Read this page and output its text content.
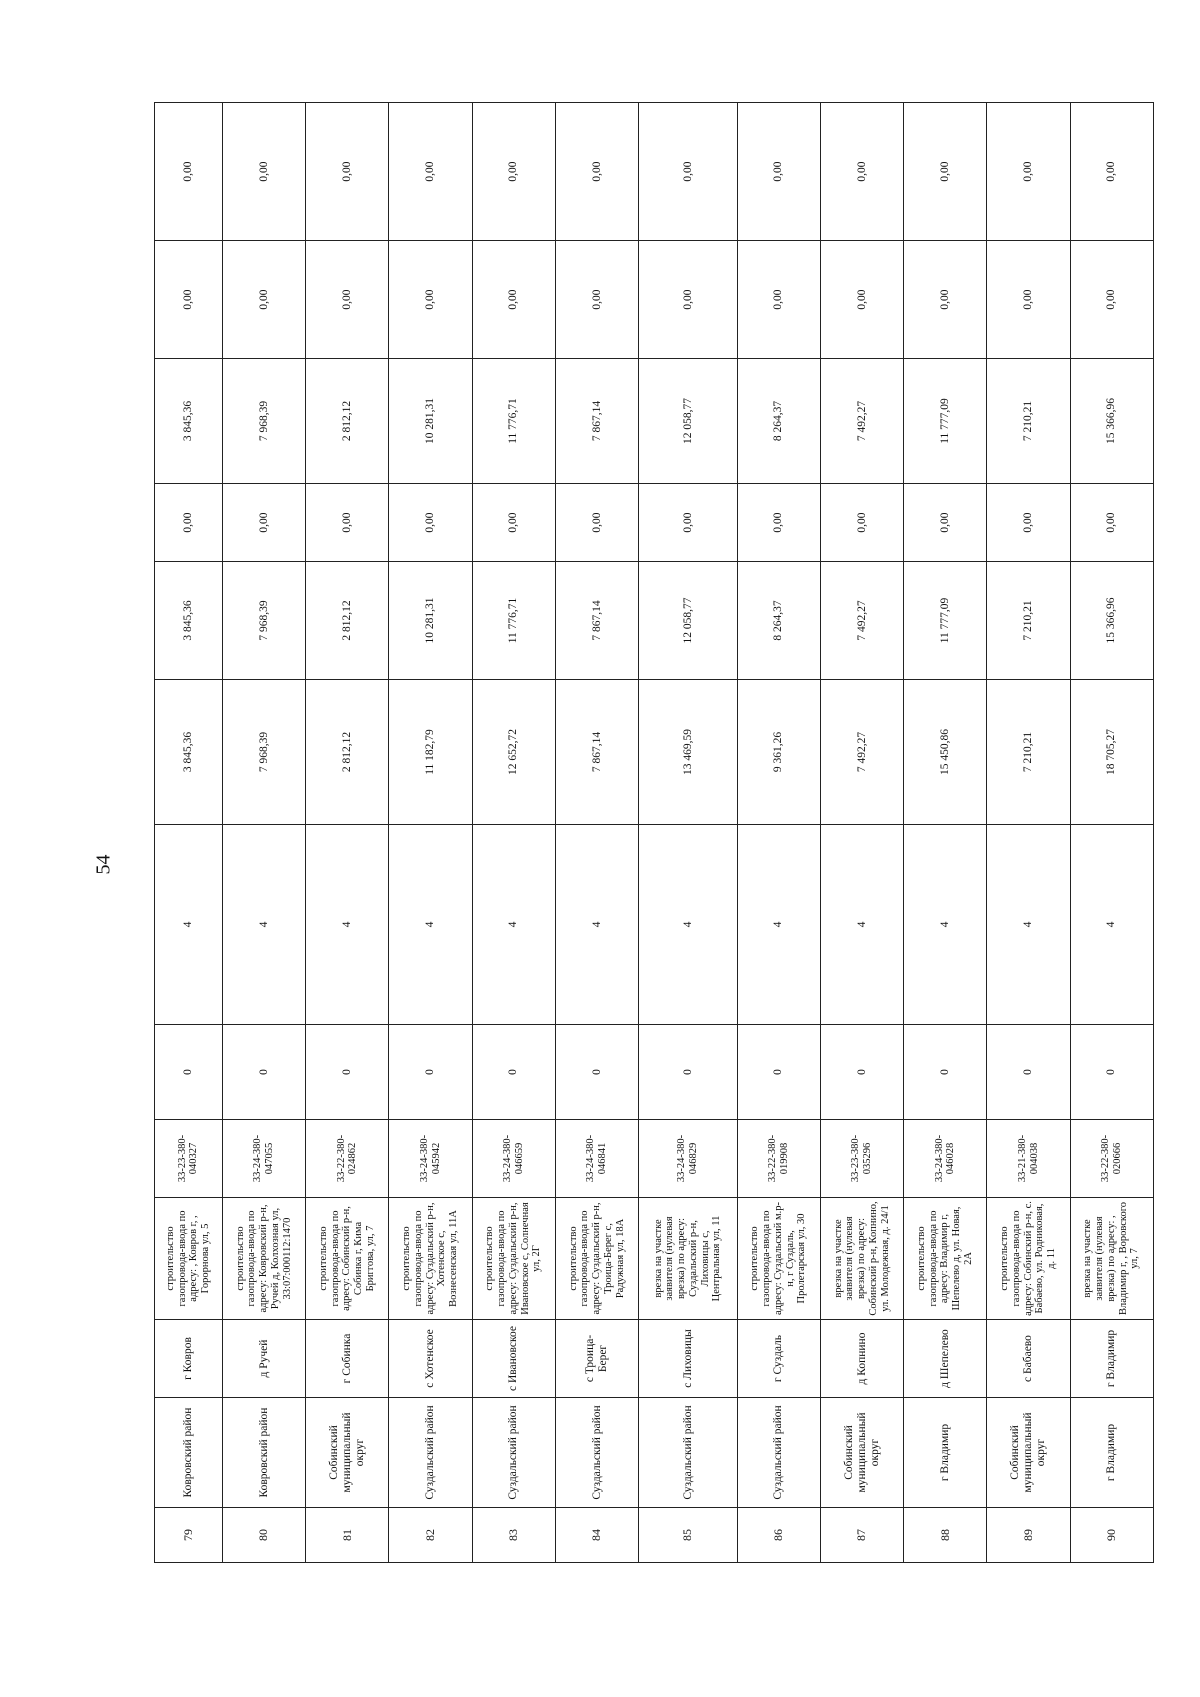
54
79	Ковровский район	г Ковров	строительство газопровода-ввода по адресу: , Ковров г, , Горорнова ул, 5	33-23-380-040327	0	4	3 845,36	3 845,36	0,00	3 845,36	0,00	0,00
80	Ковровский район	д Ручей	строительство газопровода-ввода по адресу: Ковровский р-н, Ручей д, Колхозная ул, 33:07:000112:1470	33-24-380-047055	0	4	7 968,39	7 968,39	0,00	7 968,39	0,00	0,00
81	Собинский муниципальный округ	г Собинка	строительство газопровода-ввода по адресу: Собинский р-н, Собинка г, Кима Бриггова, ул, 7	33-22-380-024862	0	4	2 812,12	2 812,12	0,00	2 812,12	0,00	0,00
82	Суздальский район	с Хотенское	строительство газопровода-ввода по адресу: Суздальский р-н, Хотенское с, Вознесенская ул, 11А	33-24-380-045942	0	4	11 182,79	10 281,31	0,00	10 281,31	0,00	0,00
83	Суздальский район	с Ивановское	строительство газопровода-ввода по адресу: Суздальский р-н, Ивановское с, Солнечная ул, 2Г	33-24-380-046659	0	4	12 652,72	11 776,71	0,00	11 776,71	0,00	0,00
84	Суздальский район	с Троица-Берег	строительство газопровода-ввода по адресу: Суздальский р-н, Троица-Берег с, Радужная ул, 18А	33-24-380-046841	0	4	7 867,14	7 867,14	0,00	7 867,14	0,00	0,00
85	Суздальский район	с Лиховицы	врезка на участке заявителя (нулевая врезка) по адресу: Суздальский р-н, Лиховицы с, Центральная ул, 11	33-24-380-046829	0	4	13 469,59	12 058,77	0,00	12 058,77	0,00	0,00
86	Суздальский район	г Суздаль	строительство газопровода-ввода по адресу: Суздальский м.р-н, г Суздаль, Пролетарская ул, 30	33-22-380-019908	0	4	9 361,26	8 264,37	0,00	8 264,37	0,00	0,00
87	Собинский муниципальный округ	д Копнино	врезка на участке заявителя (нулевая врезка) по адресу: Собинский р-н, Копнино, ул. Молодежная, д. 24/1	33-23-380-035296	0	4	7 492,27	7 492,27	0,00	7 492,27	0,00	0,00
88	г Владимир	д Шепелево	строительство газопровода-ввода по адресу: Владимир г, Шепелево д, ул. Новая, 2А	33-24-380-046028	0	4	15 450,86	11 777,09	0,00	11 777,09	0,00	0,00
89	Собинский муниципальный округ	с Бабаево	строительство газопровода-ввода по адресу: Собинский р-н, с. Бабаево, ул. Родниковая, д. 11	33-21-380-004038	0	4	7 210,21	7 210,21	0,00	7 210,21	0,00	0,00
90	г Владимир	г Владимир	врезка на участке заявителя (нулевая врезка) по адресу: , Владимир г, , Воровского ул, 7	33-22-380-020666	0	4	18 705,27	15 366,96	0,00	15 366,96	0,00	0,00
